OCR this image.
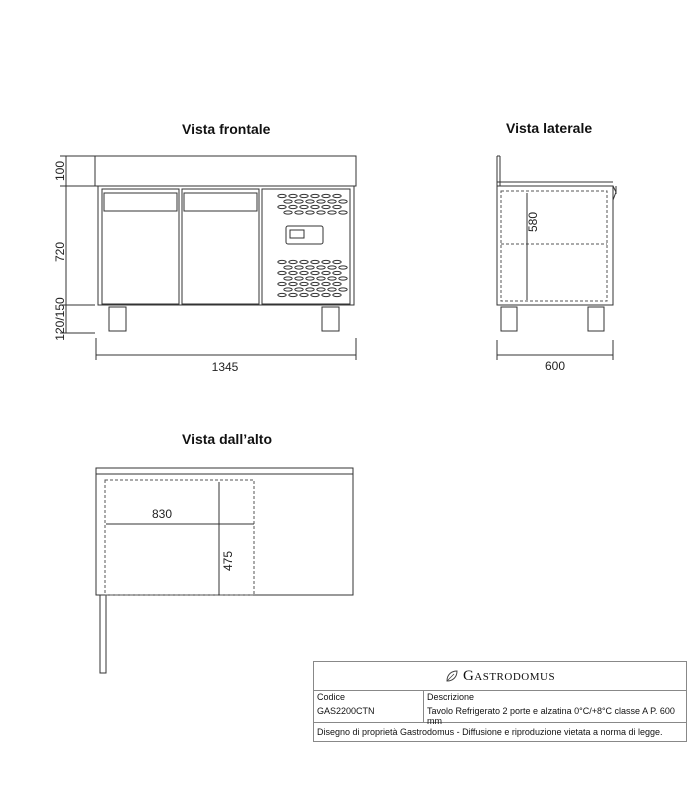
Vista frontale	Vista laterale
Vista dall’alto
100
720
120/150
1345
580
600
830
475
Gastrodomus
Codice
GAS2200CTN
Descrizione
Tavolo Refrigerato 2 porte e alzatina 0°C/+8°C classe A P. 600 mm
Disegno di proprietà Gastrodomus - Diffusione e riproduzione vietata a norma di legge.
